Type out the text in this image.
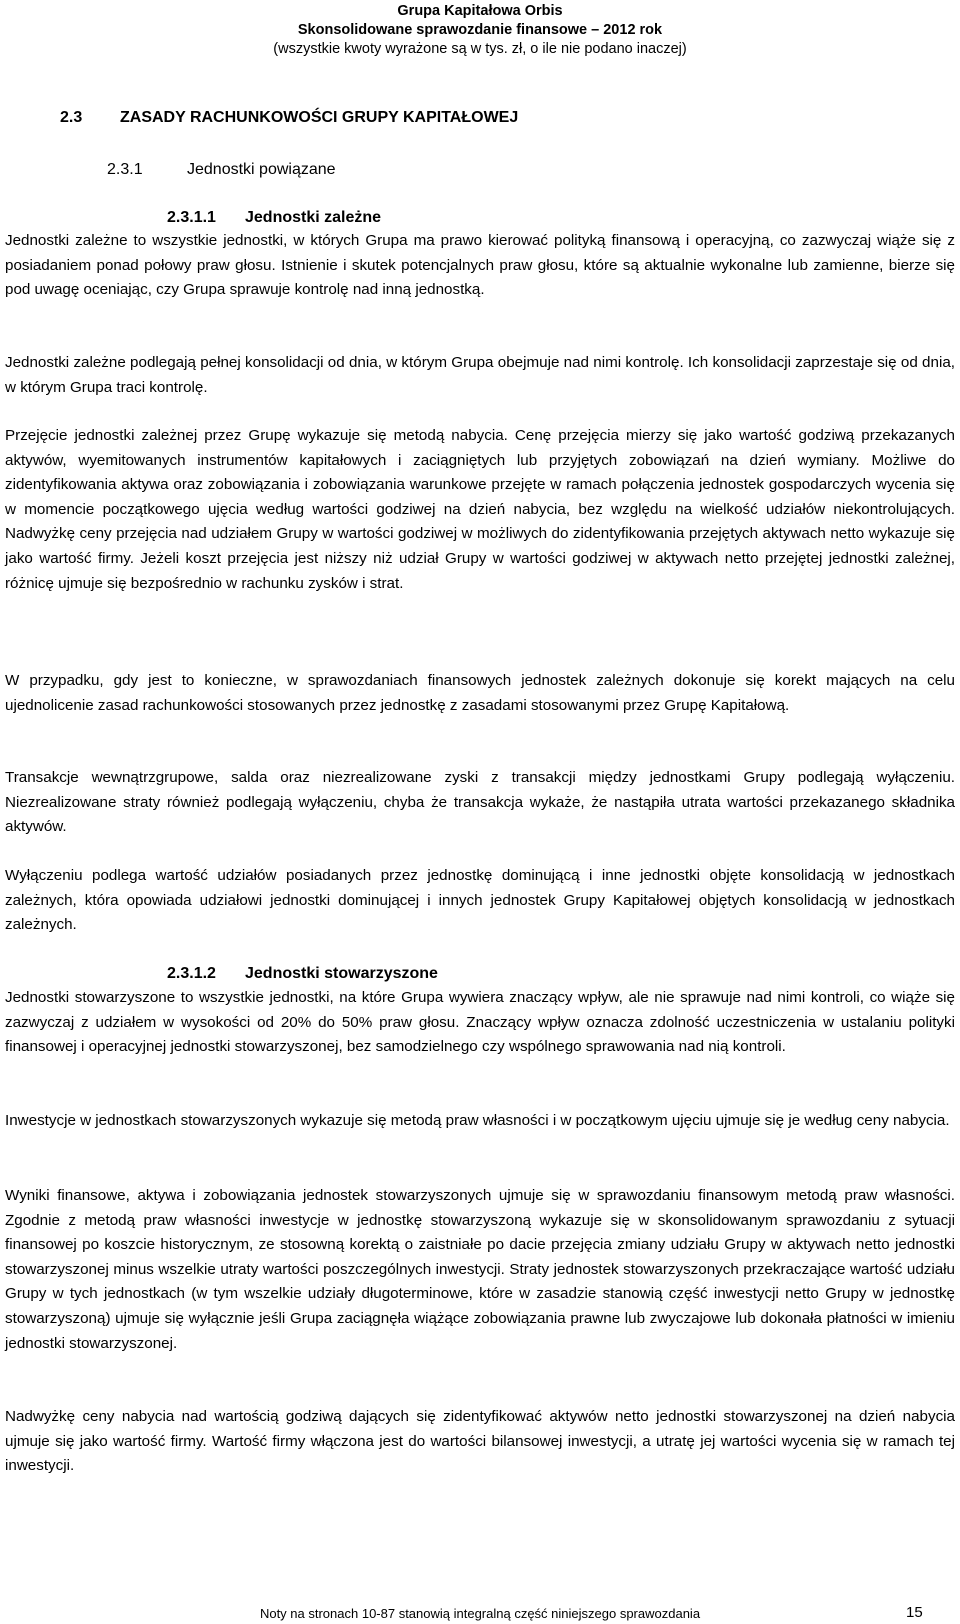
Grupa Kapitałowa Orbis
Skonsolidowane sprawozdanie finansowe – 2012 rok
(wszystkie kwoty wyrażone są w tys. zł, o ile nie podano inaczej)
2.3 ZASADY RACHUNKOWOŚCI GRUPY KAPITAŁOWEJ
2.3.1	Jednostki powiązane
2.3.1.1 Jednostki zależne

Jednostki zależne to wszystkie jednostki, w których Grupa ma prawo kierować polityką finansową i operacyjną, co zazwyczaj wiąże się z posiadaniem ponad połowy praw głosu. Istnienie i skutek potencjalnych praw głosu, które są aktualnie wykonalne lub zamienne, bierze się pod uwagę oceniając, czy Grupa sprawuje kontrolę nad inną jednostką.

Jednostki zależne podlegają pełnej konsolidacji od dnia, w którym Grupa obejmuje nad nimi kontrolę. Ich konsolidacji zaprzestaje się od dnia, w którym Grupa traci kontrolę.

Przejęcie jednostki zależnej przez Grupę wykazuje się metodą nabycia. Cenę przejęcia mierzy się jako wartość godziwą przekazanych aktywów, wyemitowanych instrumentów kapitałowych i zaciągniętych lub przyjętych zobowiązań na dzień wymiany. Możliwe do zidentyfikowania aktywa oraz zobowiązania i zobowiązania warunkowe przejęte w ramach połączenia jednostek gospodarczych wycenia się w momencie początkowego ujęcia według wartości godziwej na dzień nabycia, bez względu na wielkość udziałów niekontrolujących. Nadwyżkę ceny przejęcia nad udziałem Grupy w wartości godziwej w możliwych do zidentyfikowania przejętych aktywach netto wykazuje się jako wartość firmy. Jeżeli koszt przejęcia jest niższy niż udział Grupy w wartości godziwej w aktywach netto przejętej jednostki zależnej, różnicę ujmuje się bezpośrednio w rachunku zysków i strat.

W przypadku, gdy jest to konieczne, w sprawozdaniach finansowych jednostek zależnych dokonuje się korekt mających na celu ujednolicenie zasad rachunkowości stosowanych przez jednostkę z zasadami stosowanymi przez Grupę Kapitałową.

Transakcje wewnątrzgrupowe, salda oraz niezrealizowane zyski z transakcji między jednostkami Grupy podlegają wyłączeniu. Niezrealizowane straty również podlegają wyłączeniu, chyba że transakcja wykaże, że nastąpiła utrata wartości przekazanego składnika aktywów.

Wyłączeniu podlega wartość udziałów posiadanych przez jednostkę dominującą i inne jednostki objęte konsolidacją w jednostkach zależnych, która opowiada udziałowi jednostki dominującej i innych jednostek Grupy Kapitałowej objętych konsolidacją w jednostkach zależnych.

2.3.1.2 Jednostki stowarzyszone

Jednostki stowarzyszone to wszystkie jednostki, na które Grupa wywiera znaczący wpływ, ale nie sprawuje nad nimi kontroli, co wiąże się zazwyczaj z udziałem w wysokości od 20% do 50% praw głosu. Znaczący wpływ oznacza zdolność uczestniczenia w ustalaniu polityki finansowej i operacyjnej jednostki stowarzyszonej, bez samodzielnego czy wspólnego sprawowania nad nią kontroli.

Inwestycje w jednostkach stowarzyszonych wykazuje się metodą praw własności i w początkowym ujęciu ujmuje się je według ceny nabycia.

Wyniki finansowe, aktywa i zobowiązania jednostek stowarzyszonych ujmuje się w sprawozdaniu finansowym metodą praw własności. Zgodnie z metodą praw własności inwestycje w jednostkę stowarzyszoną wykazuje się w skonsolidowanym sprawozdaniu z sytuacji finansowej po koszcie historycznym, ze stosowną korektą o zaistniałe po dacie przejęcia zmiany udziału Grupy w aktywach netto jednostki stowarzyszonej minus wszelkie utraty wartości poszczególnych inwestycji. Straty jednostek stowarzyszonych przekraczające wartość udziału Grupy w tych jednostkach (w tym wszelkie udziały długoterminowe, które w zasadzie stanowią część inwestycji netto Grupy w jednostkę stowarzyszoną) ujmuje się wyłącznie jeśli Grupa zaciągnęła wiążące zobowiązania prawne lub zwyczajowe lub dokonała płatności w imieniu jednostki stowarzyszonej.

Nadwyżkę ceny nabycia nad wartością godziwą dających się zidentyfikować aktywów netto jednostki stowarzyszonej na dzień nabycia ujmuje się jako wartość firmy. Wartość firmy włączona jest do wartości bilansowej inwestycji, a utratę jej wartości wycenia się w ramach tej inwestycji.

Noty na stronach 10-87 stanowią integralną część niniejszego sprawozdania	15
